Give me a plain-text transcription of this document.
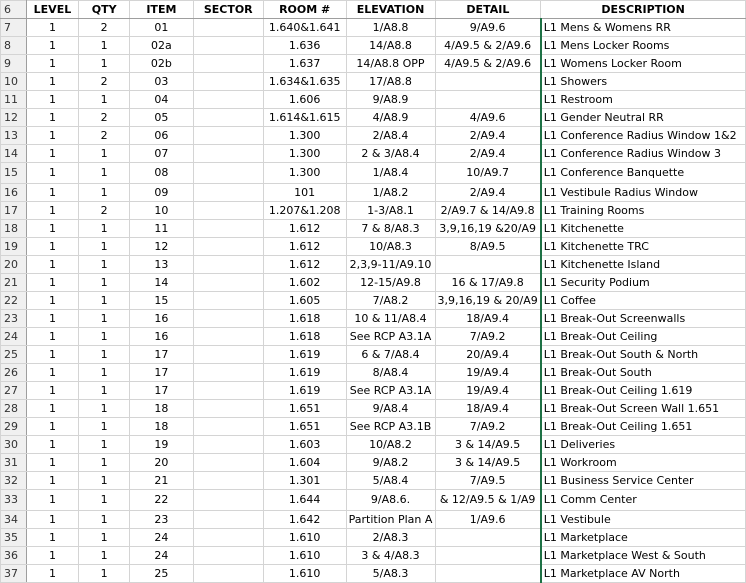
6	LEVEL	QTY	ITEM	SECTOR	ROOM #	ELEVATION	DETAIL	DESCRIPTION
7	1	2	01		1.640&1.641	1/A8.8	9/A9.6	L1 Mens & Womens RR
8	1	1	02a		1.636	14/A8.8	4/A9.5 & 2/A9.6	L1 Mens Locker Rooms
9	1	1	02b		1.637	14/A8.8 OPP	4/A9.5 & 2/A9.6	L1 Womens Locker Room
10	1	2	03		1.634&1.635	17/A8.8		L1 Showers
11	1	1	04		1.606	9/A8.9		L1 Restroom
12	1	2	05		1.614&1.615	4/A8.9	4/A9.6	L1 Gender Neutral RR
13	1	2	06		1.300	2/A8.4	2/A9.4	L1 Conference Radius Window 1&2
14	1	1	07		1.300	2 & 3/A8.4	2/A9.4	L1 Conference Radius Window 3
15	1	1	08		1.300	1/A8.4	10/A9.7	L1 Conference Banquette
16	1	1	09		101	1/A8.2	2/A9.4	L1 Vestibule Radius Window
17	1	2	10		1.207&1.208	1-3/A8.1	2/A9.7 & 14/A9.8	L1 Training Rooms
18	1	1	11		1.612	7 & 8/A8.3	3,9,16,19 &20/A9	L1 Kitchenette
19	1	1	12		1.612	10/A8.3	8/A9.5	L1 Kitchenette TRC
20	1	1	13		1.612	2,3,9-11/A9.10		L1 Kitchenette Island
21	1	1	14		1.602	12-15/A9.8	16 & 17/A9.8	L1 Security Podium
22	1	1	15		1.605	7/A8.2	3,9,16,19 & 20/A9	L1 Coffee
23	1	1	16		1.618	10 & 11/A8.4	18/A9.4	L1 Break-Out Screenwalls
24	1	1	16		1.618	See RCP A3.1A	7/A9.2	L1 Break-Out Ceiling
25	1	1	17		1.619	6 & 7/A8.4	20/A9.4	L1 Break-Out South & North
26	1	1	17		1.619	8/A8.4	19/A9.4	L1 Break-Out South
27	1	1	17		1.619	See RCP A3.1A	19/A9.4	L1 Break-Out Ceiling 1.619
28	1	1	18		1.651	9/A8.4	18/A9.4	L1 Break-Out Screen Wall 1.651
29	1	1	18		1.651	See RCP A3.1B	7/A9.2	L1 Break-Out Ceiling 1.651
30	1	1	19		1.603	10/A8.2	3 & 14/A9.5	L1 Deliveries
31	1	1	20		1.604	9/A8.2	3 & 14/A9.5	L1 Workroom
32	1	1	21		1.301	5/A8.4	7/A9.5	L1 Business Service Center
33	1	1	22		1.644	9/A8.6.	& 12/A9.5 & 1/A9	L1 Comm Center
34	1	1	23		1.642	Partition Plan A	1/A9.6	L1 Vestibule
35	1	1	24		1.610	2/A8.3		L1 Marketplace
36	1	1	24		1.610	3 & 4/A8.3		L1 Marketplace West & South
37	1	1	25		1.610	5/A8.3		L1 Marketplace AV North
